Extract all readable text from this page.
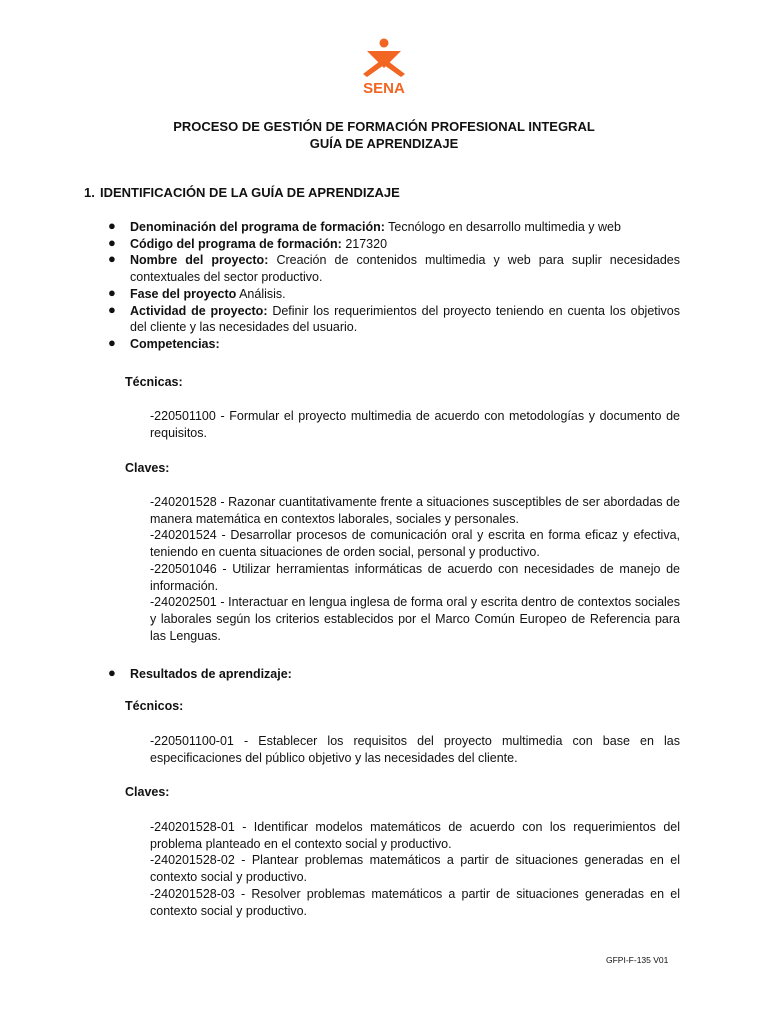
SENA
PROCESO DE GESTIÓN DE FORMACIÓN PROFESIONAL INTEGRAL
GUÍA DE APRENDIZAJE
1. IDENTIFICACIÓN DE LA GUÍA DE APRENDIZAJE
● Denominación del programa de formación: Tecnólogo en desarrollo multimedia y web
● Código del programa de formación: 217320
● Nombre del proyecto: Creación de contenidos multimedia y web para suplir necesidades contextuales del sector productivo.
● Fase del proyecto Análisis.
● Actividad de proyecto: Definir los requerimientos del proyecto teniendo en cuenta los objetivos del cliente y las necesidades del usuario.
● Competencias:
Técnicas:
-220501100 - Formular el proyecto multimedia de acuerdo con metodologías y documento de requisitos.
Claves:
-240201528 - Razonar cuantitativamente frente a situaciones susceptibles de ser abordadas de manera matemática en contextos laborales, sociales y personales.
-240201524 - Desarrollar procesos de comunicación oral y escrita en forma eficaz y efectiva, teniendo en cuenta situaciones de orden social, personal y productivo.
-220501046 - Utilizar herramientas informáticas de acuerdo con necesidades de manejo de información.
-240202501 - Interactuar en lengua inglesa de forma oral y escrita dentro de contextos sociales y laborales según los criterios establecidos por el Marco Común Europeo de Referencia para las Lenguas.
● Resultados de aprendizaje:
Técnicos:
-220501100-01 - Establecer los requisitos del proyecto multimedia con base en las especificaciones del público objetivo y las necesidades del cliente.
Claves:
-240201528-01 - Identificar modelos matemáticos de acuerdo con los requerimientos del problema planteado en el contexto social y productivo.
-240201528-02 - Plantear problemas matemáticos a partir de situaciones generadas en el contexto social y productivo.
-240201528-03 - Resolver problemas matemáticos a partir de situaciones generadas en el contexto social y productivo.
GFPI-F-135 V01
